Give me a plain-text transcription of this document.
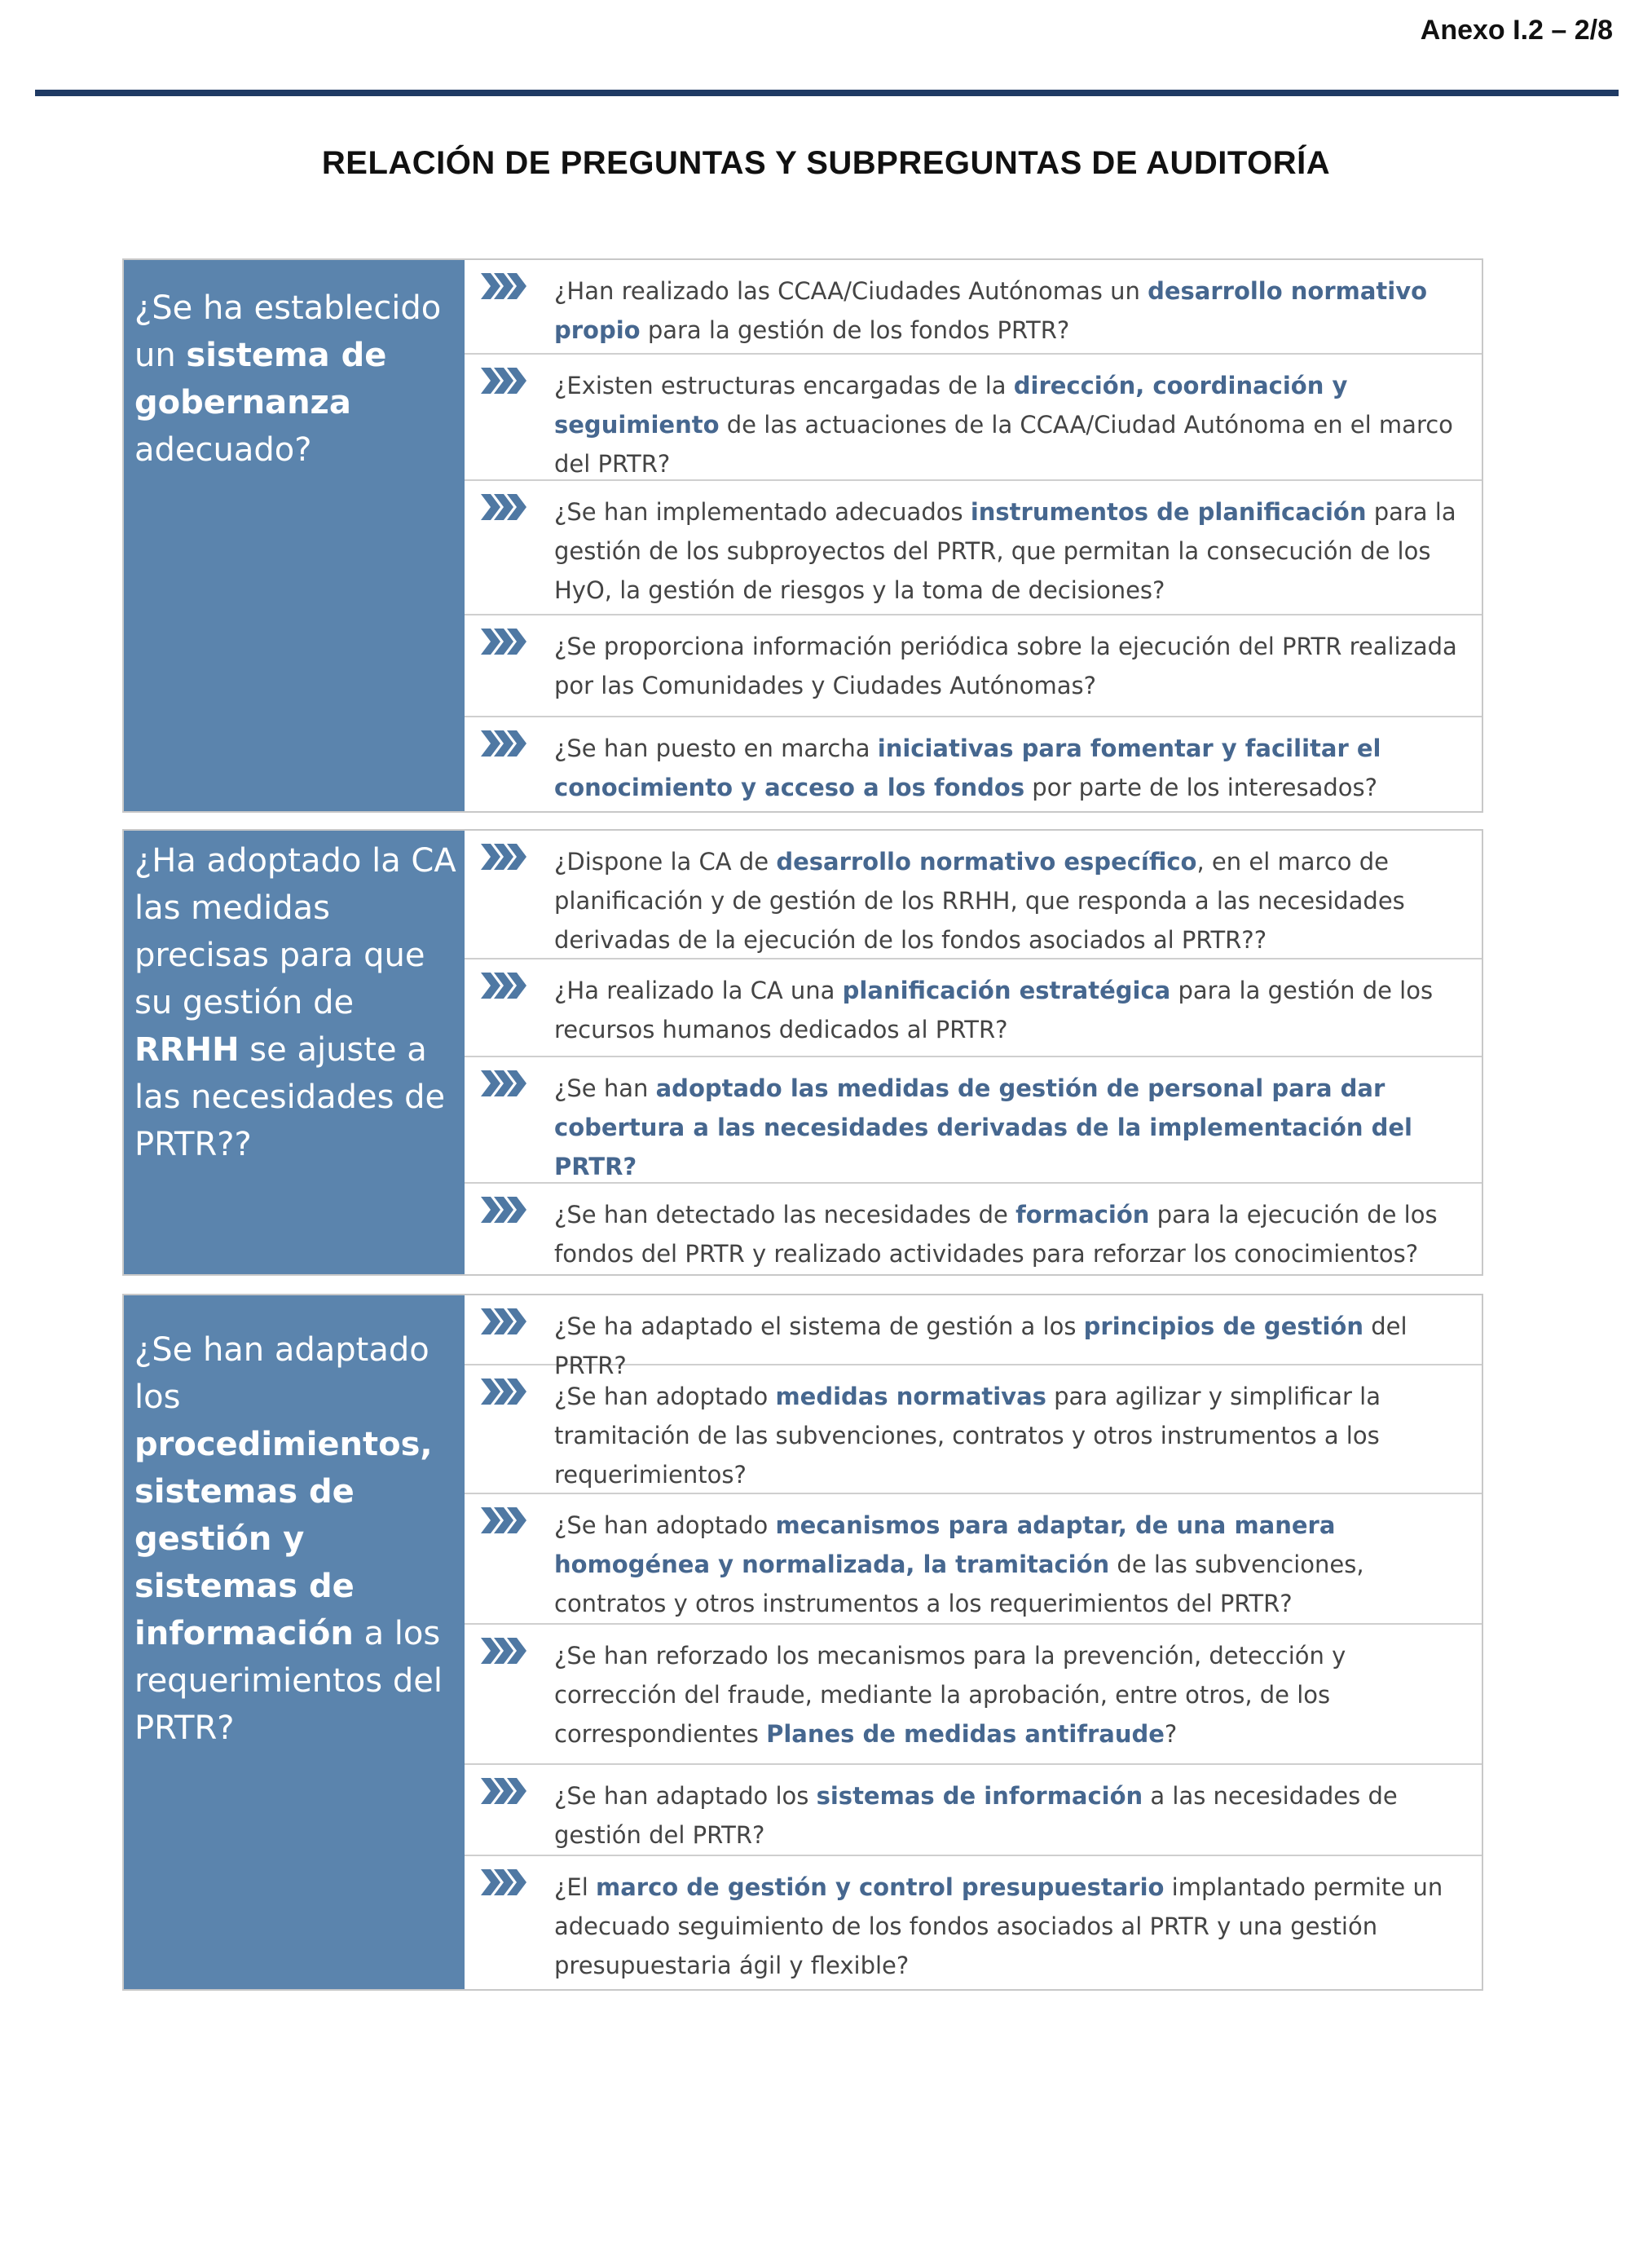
Anexo I.2 – 2/8
RELACIÓN DE PREGUNTAS Y SUBPREGUNTAS DE AUDITORÍA
¿Se ha establecido un sistema de gobernanza adecuado?
¿Han realizado las CCAA/Ciudades Autónomas un desarrollo normativo propio para la gestión de los fondos PRTR?
¿Existen estructuras encargadas de la dirección, coordinación y seguimiento de las actuaciones de la CCAA/Ciudad Autónoma en el marco del PRTR?
¿Se han implementado adecuados instrumentos de planificación para la gestión de los subproyectos del PRTR, que permitan la consecución de los HyO, la gestión de riesgos y la toma de decisiones?
¿Se proporciona información periódica sobre la ejecución del PRTR realizada por las Comunidades y Ciudades Autónomas?
¿Se han puesto en marcha iniciativas para fomentar y facilitar el conocimiento y acceso a los fondos por parte de los interesados?
¿Ha adoptado la CA las medidas precisas para que su gestión de RRHH se ajuste a las necesidades de PRTR??
¿Dispone la CA de desarrollo normativo específico, en el marco de planificación y de gestión de los RRHH, que responda a las necesidades derivadas de la ejecución de los fondos asociados al PRTR??
¿Ha realizado la CA una planificación estratégica para la gestión de los recursos humanos dedicados al PRTR?
¿Se han adoptado las medidas de gestión de personal para dar cobertura a las necesidades derivadas de la implementación del PRTR?
¿Se han detectado las necesidades de formación para la ejecución de los fondos del PRTR y realizado actividades para reforzar los conocimientos?
¿Se han adaptado los procedimientos, sistemas de gestión y sistemas de información a los requerimientos del PRTR?
¿Se ha adaptado el sistema de gestión a los principios de gestión del PRTR?
¿Se han adoptado medidas normativas para agilizar y simplificar la tramitación de las subvenciones, contratos y otros instrumentos a los requerimientos?
¿Se han adoptado mecanismos para adaptar, de una manera homogénea y normalizada, la tramitación de las subvenciones, contratos y otros instrumentos a los requerimientos del PRTR?
¿Se han reforzado los mecanismos para la prevención, detección y corrección del fraude, mediante la aprobación, entre otros, de los correspondientes Planes de medidas antifraude?
¿Se han adaptado los sistemas de información a las necesidades de gestión del PRTR?
¿El marco de gestión y control presupuestario implantado permite un adecuado seguimiento de los fondos asociados al PRTR y una gestión presupuestaria ágil y flexible?
